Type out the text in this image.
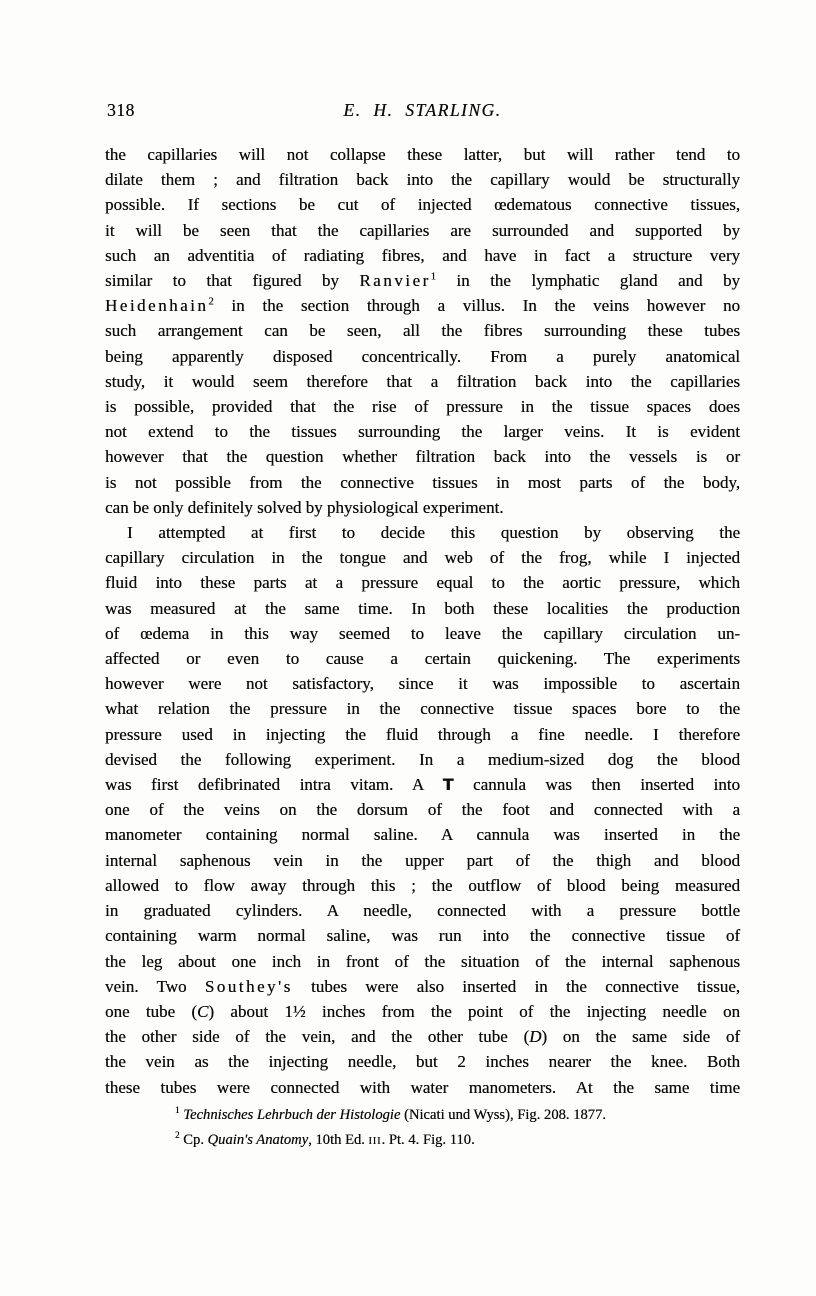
318	E. H. STARLING.
the capillaries will not collapse these latter, but will rather tend to
dilate them ; and filtration back into the capillary would be structurally
possible. If sections be cut of injected œdematous connective tissues,
it will be seen that the capillaries are surrounded and supported by
such an adventitia of radiating fibres, and have in fact a structure very
similar to that figured by Ranvier$^1$ in the lymphatic gland and by
Heidenhain$^2$ in the section through a villus. In the veins however no
such arrangement can be seen, all the fibres surrounding these tubes
being apparently disposed concentrically. From a purely anatomical
study, it would seem therefore that a filtration back into the capillaries
is possible, provided that the rise of pressure in the tissue spaces does
not extend to the tissues surrounding the larger veins. It is evident
however that the question whether filtration back into the vessels is or
is not possible from the connective tissues in most parts of the body,
can be only definitely solved by physiological experiment.
I attempted at first to decide this question by observing the
capillary circulation in the tongue and web of the frog, while I injected
fluid into these parts at a pressure equal to the aortic pressure, which
was measured at the same time. In both these localities the production
of œdema in this way seemed to leave the capillary circulation un-
affected or even to cause a certain quickening. The experiments
however were not satisfactory, since it was impossible to ascertain
what relation the pressure in the connective tissue spaces bore to the
pressure used in injecting the fluid through a fine needle. I therefore
devised the following experiment. In a medium-sized dog the blood
was first defibrinated intra vitam. A T cannula was then inserted into
one of the veins on the dorsum of the foot and connected with a
manometer containing normal saline. A cannula was inserted in the
internal saphenous vein in the upper part of the thigh and blood
allowed to flow away through this ; the outflow of blood being measured
in graduated cylinders. A needle, connected with a pressure bottle
containing warm normal saline, was run into the connective tissue of
the leg about one inch in front of the situation of the internal saphenous
vein. Two Southey's tubes were also inserted in the connective tissue,
one tube (C) about 1½ inches from the point of the injecting needle on
the other side of the vein, and the other tube (D) on the same side of
the vein as the injecting needle, but 2 inches nearer the knee. Both
these tubes were connected with water manometers. At the same time
$^1$ Technisches Lehrbuch der Histologie (Nicati und Wyss), Fig. 208. 1877.
$^2$ Cp. Quain's Anatomy, 10th Ed. iii. Pt. 4. Fig. 110.
